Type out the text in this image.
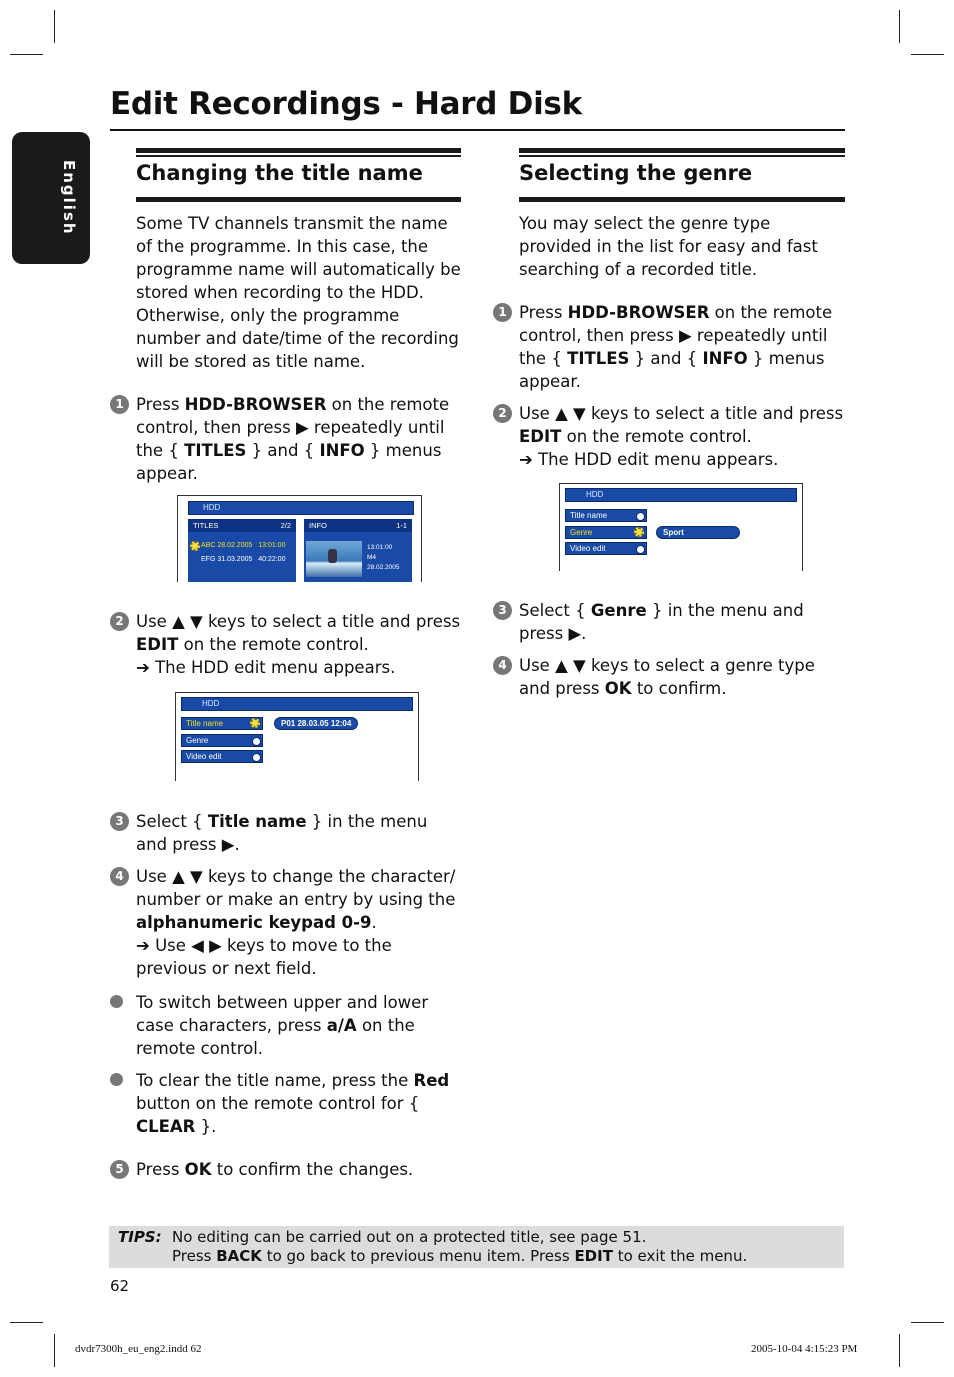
Edit Recordings - Hard Disk
English	Changing the title name
Some TV channels transmit the name of the programme. In this case, the programme name will automatically be stored when recording to the HDD. Otherwise, only the programme number and date/time of the recording will be stored as title name.
1 Press HDD-BROWSER on the remote control, then press ▶ repeatedly until the { TITLES } and { INFO } menus appear.
HDD
TITLES	2/2
ABC 28.02.2005 13:01:00
EFG 31.03.2005 40:22:00
INFO	1-1
13:01:00
M4
28.02.2005
2 Use ▲ ▼ keys to select a title and press EDIT on the remote control.
➔ The HDD edit menu appears.
HDD
Title name
Genre
Video edit
P01 28.03.05 12:04
3 Select { Title name } in the menu and press ▶.
4 Use ▲ ▼ keys to change the character/ number or make an entry by using the alphanumeric keypad 0-9.
➔ Use ◀ ▶ keys to move to the previous or next field.
To switch between upper and lower case characters, press a/A on the remote control.
To clear the title name, press the Red button on the remote control for { CLEAR }.
5 Press OK to confirm the changes.
Selecting the genre
You may select the genre type provided in the list for easy and fast searching of a recorded title.
1 Press HDD-BROWSER on the remote control, then press ▶ repeatedly until the { TITLES } and { INFO } menus appear.
2 Use ▲ ▼ keys to select a title and press EDIT on the remote control.
➔ The HDD edit menu appears.
HDD
Title name
Genre
Video edit
Sport
3 Select { Genre } in the menu and press ▶.
4 Use ▲ ▼ keys to select a genre type and press OK to confirm.
TIPS: No editing can be carried out on a protected title, see page 51.
Press BACK to go back to previous menu item. Press EDIT to exit the menu.
62
dvdr7300h_eu_eng2.indd 62	2005-10-04 4:15:23 PM
